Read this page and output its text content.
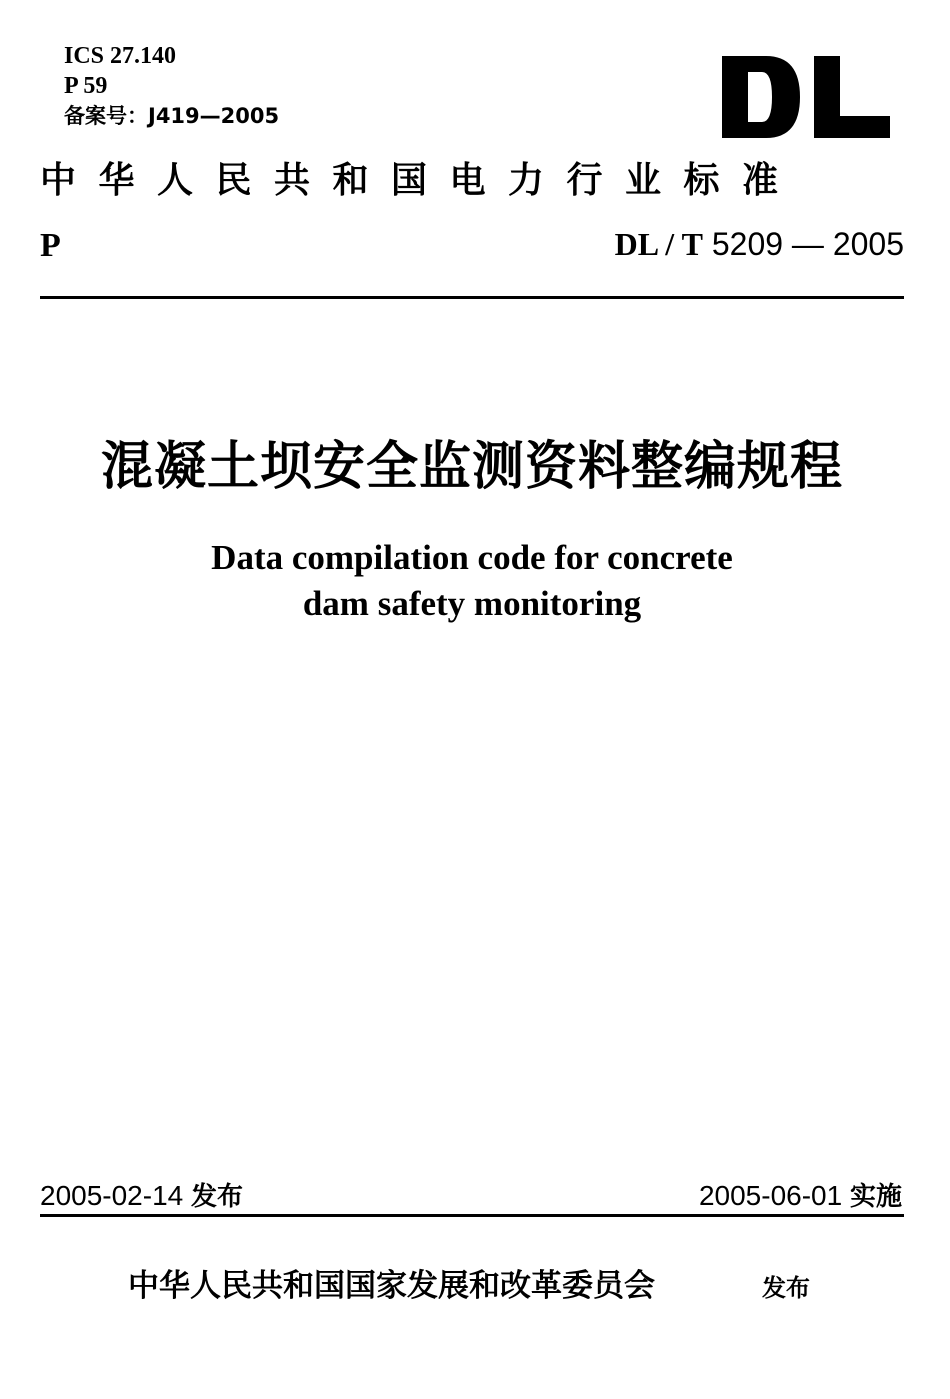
ICS 27.140
P 59
备案号：J419—2005
中华人民共和国电力行业标准
P	DL / T 5209 — 2005
混凝土坝安全监测资料整编规程
Data compilation code for concrete
dam safety monitoring
2005-02-14 发布	2005-06-01 实施
中华人民共和国国家发展和改革委员会	发布
